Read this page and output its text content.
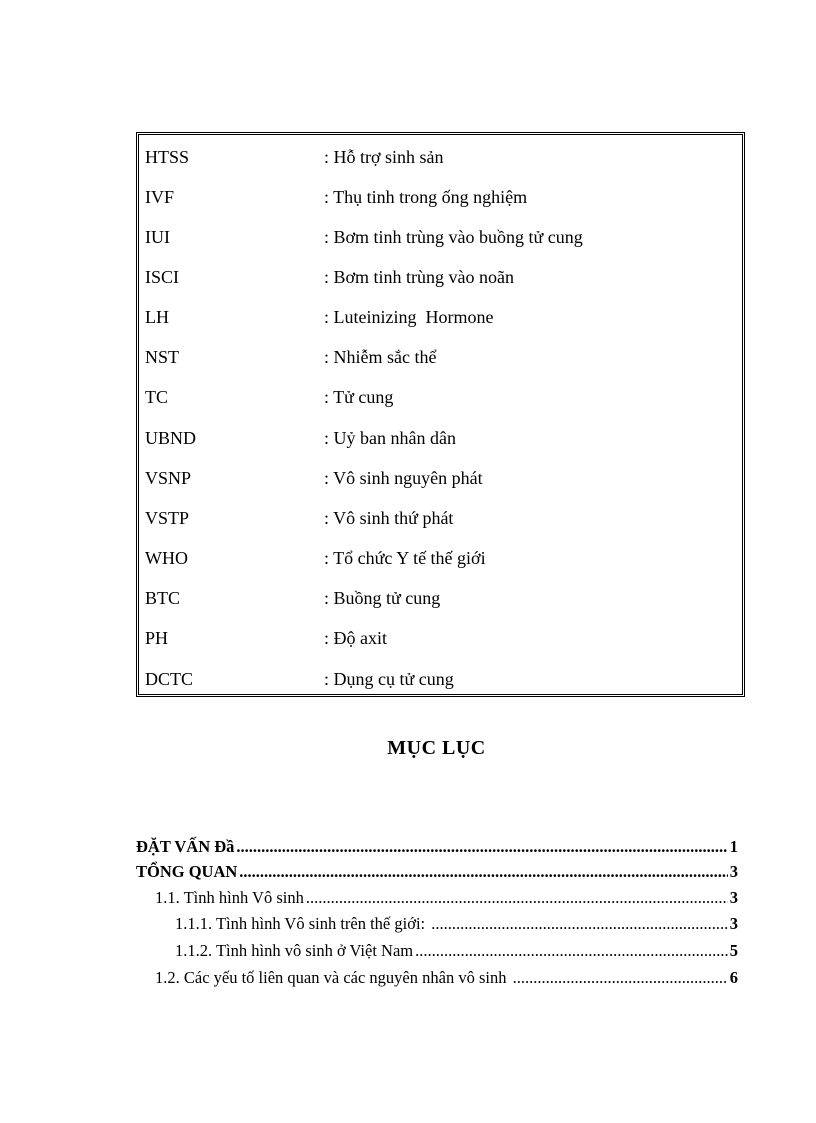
HTSS	: Hỗ trợ sinh sản
IVF	: Thụ tinh trong ống nghiệm
IUI	: Bơm tinh trùng vào buồng tử cung
ISCI	: Bơm tinh trùng vào noãn
LH	: Luteinizing  Hormone
NST	: Nhiễm sắc thể
TC	: Tử cung
UBND	: Uỷ ban nhân dân
VSNP	: Vô sinh nguyên phát
VSTP	: Vô sinh thứ phát
WHO	: Tổ chức Y tế thế giới
BTC	: Buồng tử cung
PH	: Độ axit
DCTC	: Dụng cụ tử cung
MỤC LỤC
ĐẶT VẤN Đầ .....	1
TỔNG QUAN .....	3
1.1. Tình hình Vô sinh .....	3
1.1.1. Tình hình Vô sinh trên thế giới: .....	3
1.1.2. Tình hình vô sinh ở Việt Nam .....	5
1.2. Các yếu tố liên quan và các nguyên nhân vô sinh .....	6
